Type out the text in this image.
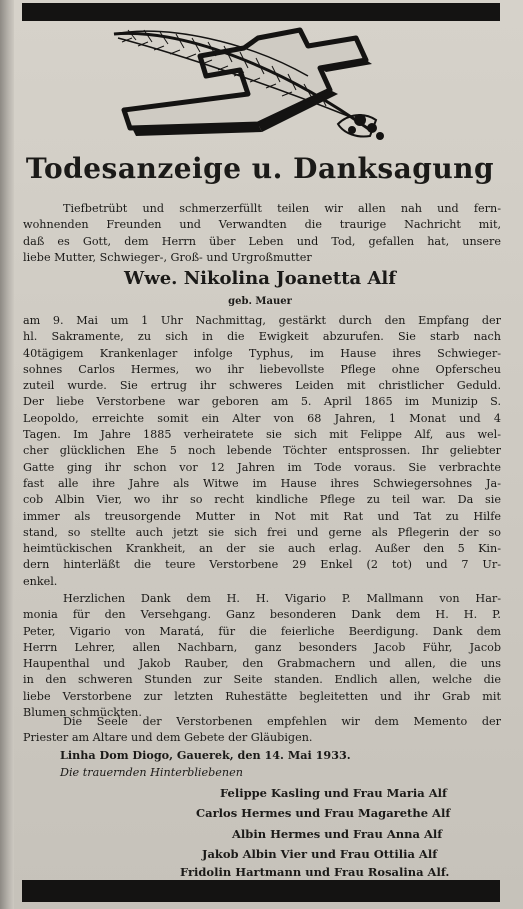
Todesanzeige u. Danksagung
Tiefbetrübt und schmerzerfüllt teilen wir allen nah und fern-
wohnenden Freunden und Verwandten die traurige Nachricht mit,
daß es Gott, dem Herrn über Leben und Tod, gefallen hat, unsere
liebe Mutter, Schwieger-, Groß- und Urgroßmutter
Wwe. Nikolina Joanetta Alf
geb. Mauer
am 9. Mai um 1 Uhr Nachmittag, gestärkt durch den Empfang der
hl. Sakramente, zu sich in die Ewigkeit abzurufen. Sie starb nach
40tägigem Krankenlager infolge Typhus, im Hause ihres Schwieger-
sohnes Carlos Hermes, wo ihr liebevollste Pflege ohne Opferscheu
zuteil wurde. Sie ertrug ihr schweres Leiden mit christlicher Geduld.
Der liebe Verstorbene war geboren am 5. April 1865 im Munizip S.
Leopoldo, erreichte somit ein Alter von 68 Jahren, 1 Monat und 4
Tagen. Im Jahre 1885 verheiratete sie sich mit Felippe Alf, aus wel-
cher glücklichen Ehe 5 noch lebende Töchter entsprossen. Ihr geliebter
Gatte ging ihr schon vor 12 Jahren im Tode voraus. Sie verbrachte
fast alle ihre Jahre als Witwe im Hause ihres Schwiegersohnes Ja-
cob Albin Vier, wo ihr so recht kindliche Pflege zu teil war. Da sie
immer als treusorgende Mutter in Not mit Rat und Tat zu Hilfe
stand, so stellte auch jetzt sie sich frei und gerne als Pflegerin der so
heimtückischen Krankheit, an der sie auch erlag. Außer den 5 Kin-
dern hinterläßt die teure Verstorbene 29 Enkel (2 tot) und 7 Ur-
enkel.
Herzlichen Dank dem H. H. Vigario P. Mallmann von Har-
monia für den Versehgang. Ganz besonderen Dank dem H. H. P.
Peter, Vigario von Maratá, für die feierliche Beerdigung. Dank dem
Herrn Lehrer, allen Nachbarn, ganz besonders Jacob Führ, Jacob
Haupenthal und Jakob Rauber, den Grabmachern und allen, die uns
in den schweren Stunden zur Seite standen. Endlich allen, welche die
liebe Verstorbene zur letzten Ruhestätte begleitetten und ihr Grab mit
Blumen schmückten.
Die Seele der Verstorbenen empfehlen wir dem Memento der
Priester am Altare und dem Gebete der Gläubigen.
Linha Dom Diogo, Gauerek, den 14. Mai 1933.
Die trauernden Hinterbliebenen
Felippe Kasling und Frau Maria Alf
Carlos Hermes und Frau Magarethe Alf
Albin Hermes und Frau Anna Alf
Jakob Albin Vier und Frau Ottilia Alf
Fridolin Hartmann und Frau Rosalina Alf.
